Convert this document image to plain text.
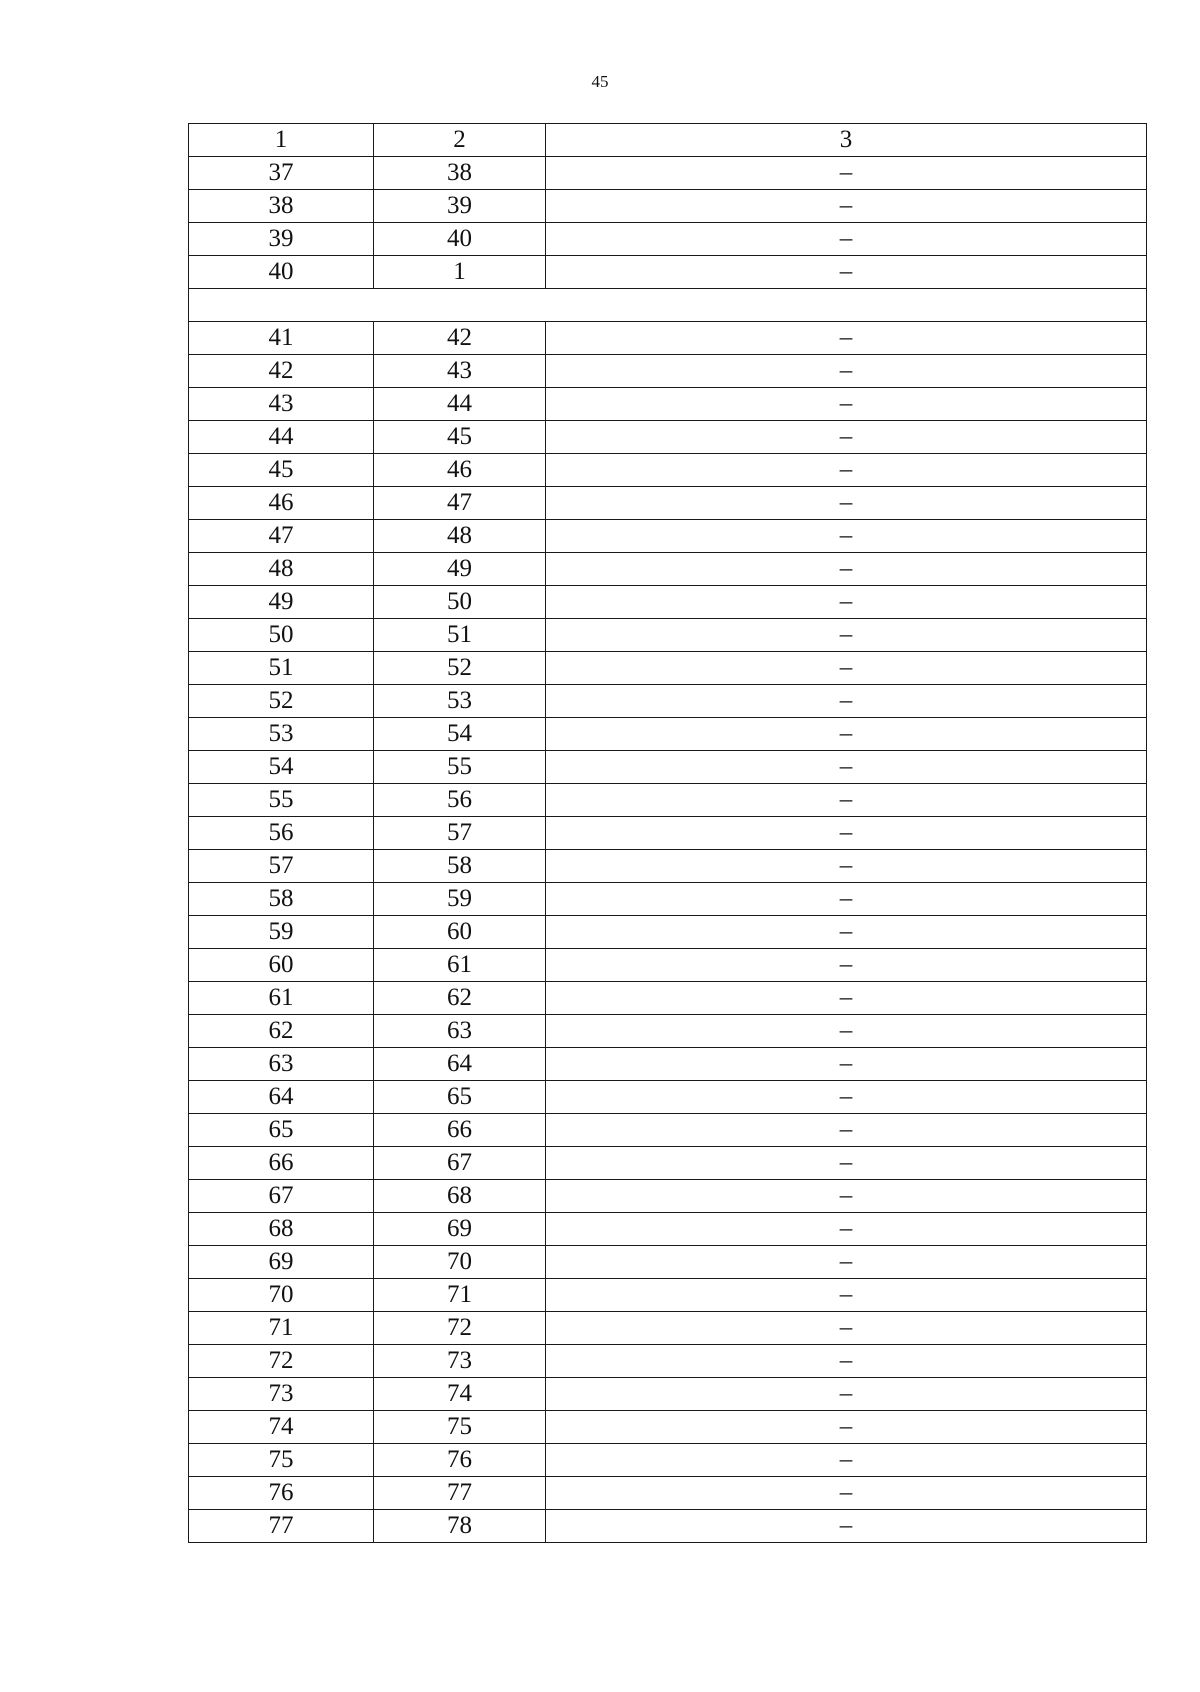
45
1	2	3
37	38	–
38	39	–
39	40	–
40	1	–

41	42	–
42	43	–
43	44	–
44	45	–
45	46	–
46	47	–
47	48	–
48	49	–
49	50	–
50	51	–
51	52	–
52	53	–
53	54	–
54	55	–
55	56	–
56	57	–
57	58	–
58	59	–
59	60	–
60	61	–
61	62	–
62	63	–
63	64	–
64	65	–
65	66	–
66	67	–
67	68	–
68	69	–
69	70	–
70	71	–
71	72	–
72	73	–
73	74	–
74	75	–
75	76	–
76	77	–
77	78	–
